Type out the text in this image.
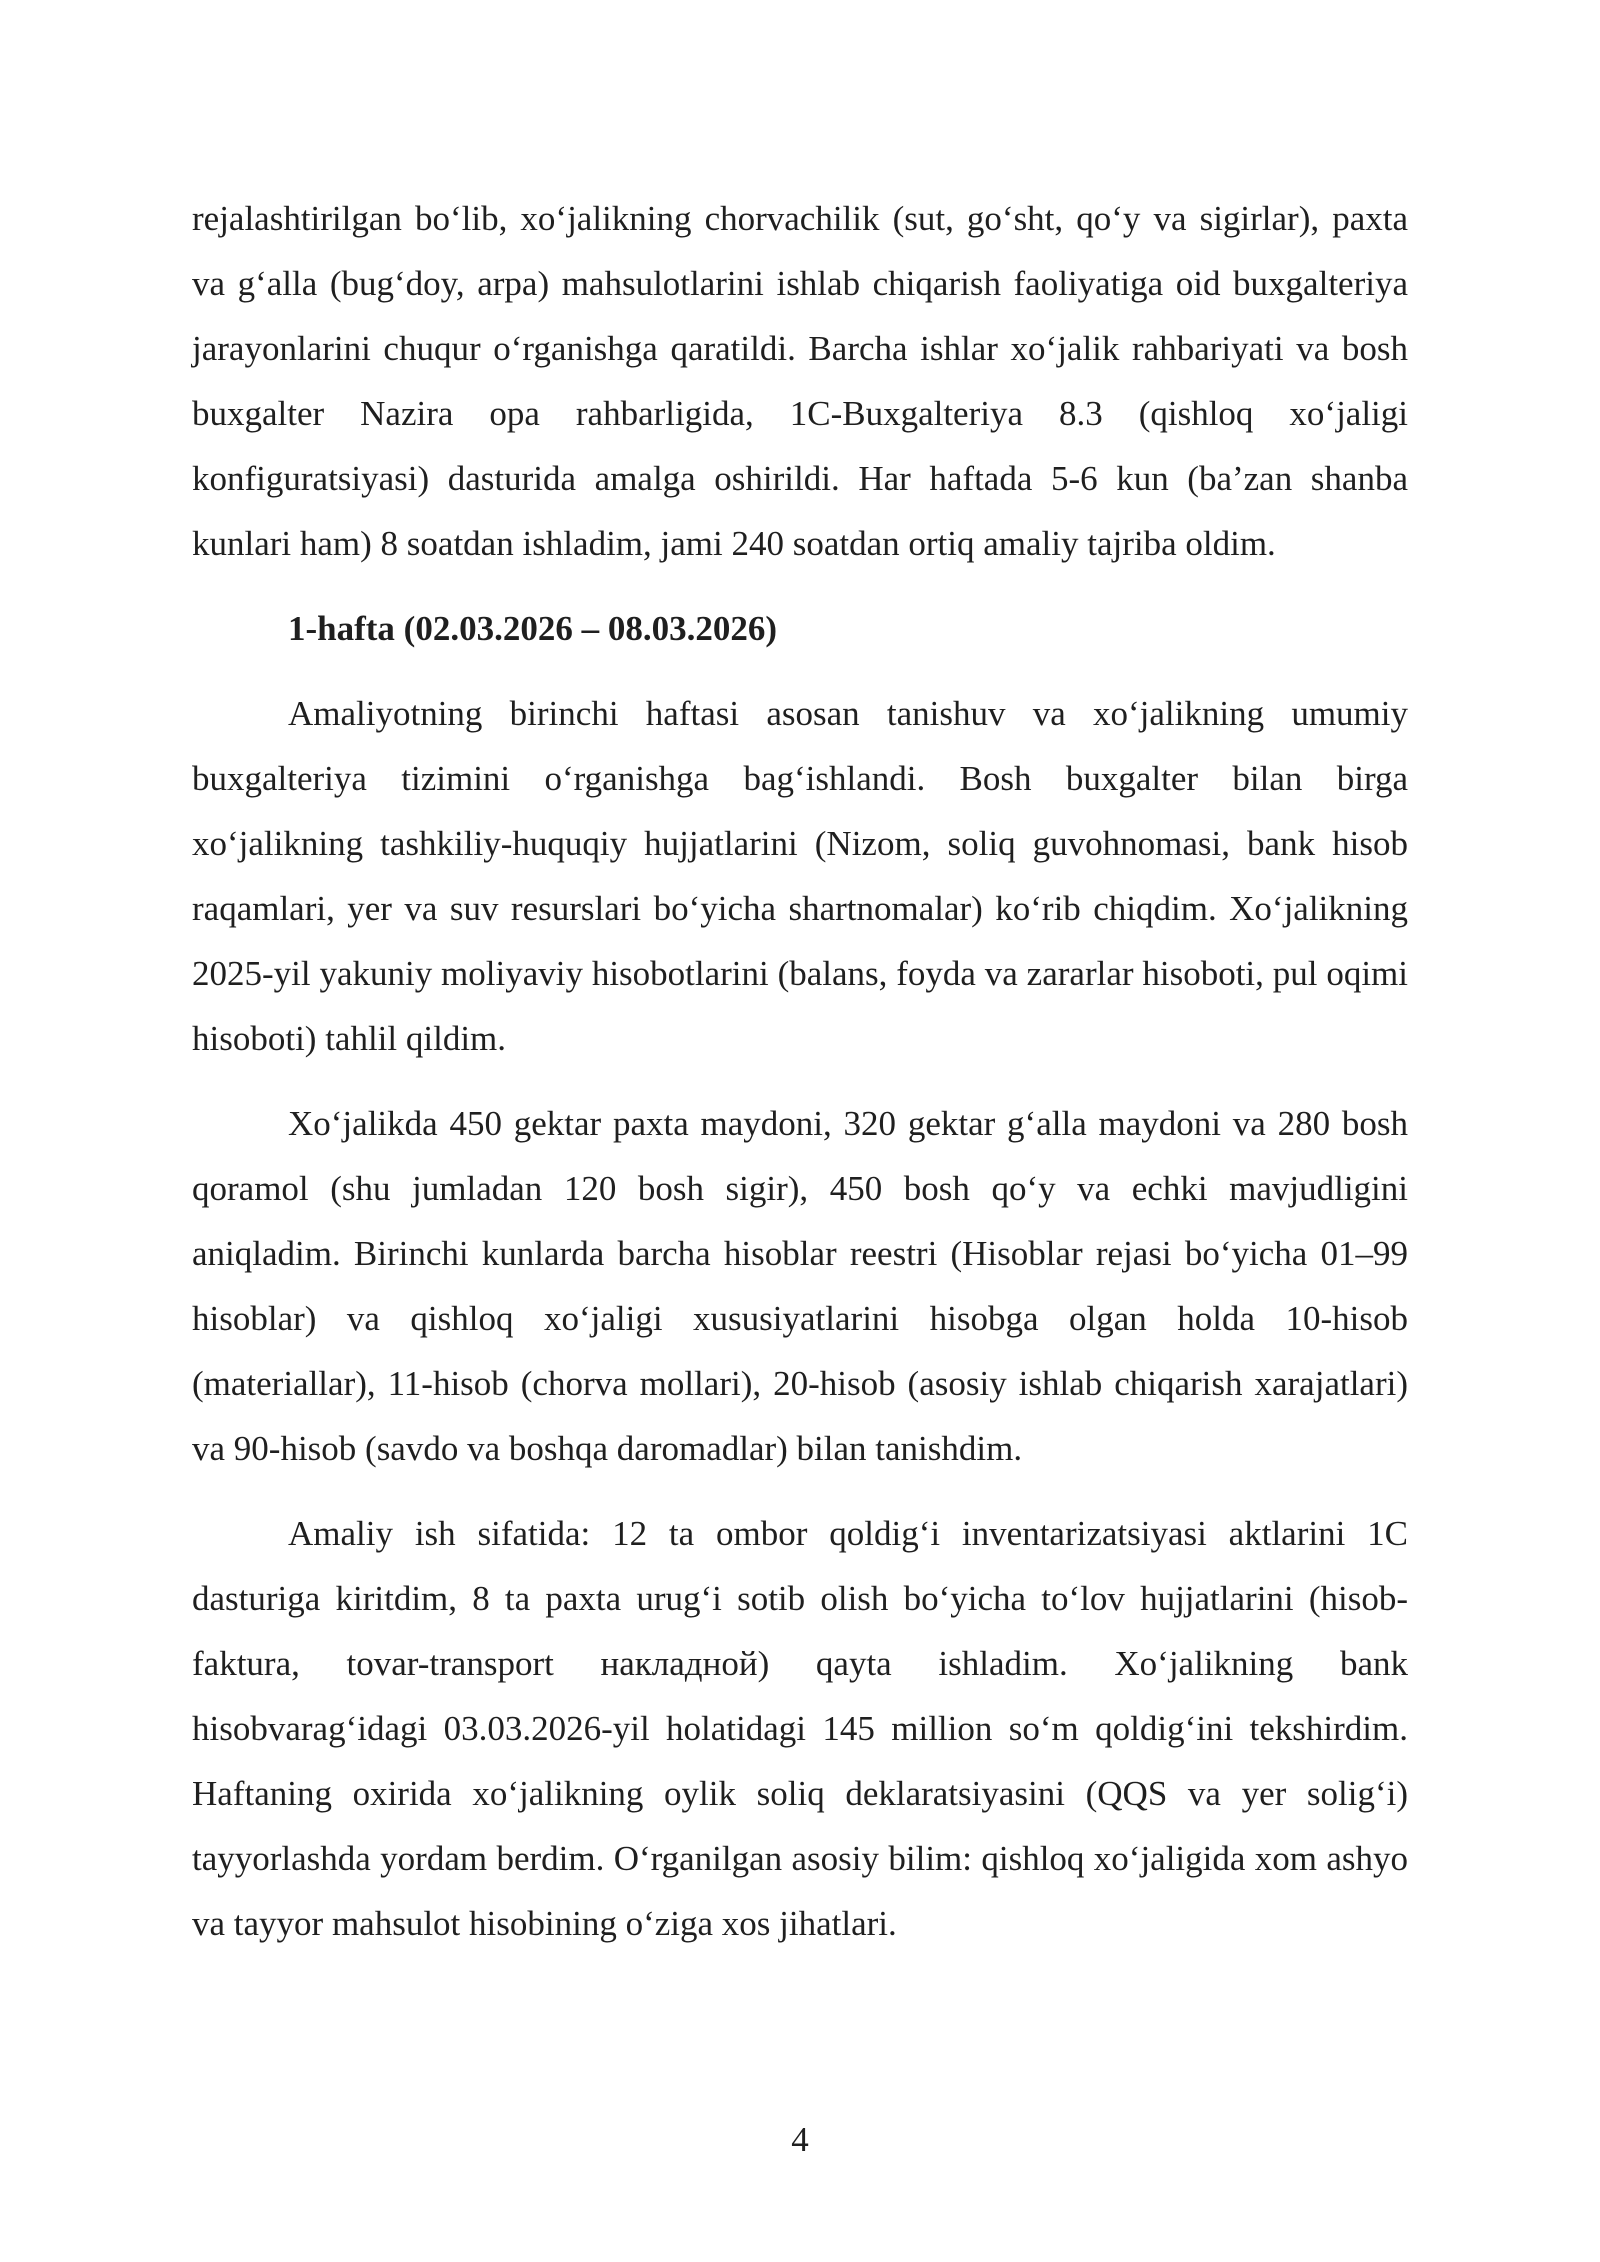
rejalashtirilgan bo‘lib, xo‘jalikning chorvachilik (sut, go‘sht, qo‘y va sigirlar), paxta va g‘alla (bug‘doy, arpa) mahsulotlarini ishlab chiqarish faoliyatiga oid buxgalteriya jarayonlarini chuqur o‘rganishga qaratildi. Barcha ishlar xo‘jalik rahbariyati va bosh buxgalter Nazira opa rahbarligida, 1C-Buxgalteriya 8.3 (qishloq xo‘jaligi konfiguratsiyasi) dasturida amalga oshirildi. Har haftada 5-6 kun (ba’zan shanba kunlari ham) 8 soatdan ishladim, jami 240 soatdan ortiq amaliy tajriba oldim.

1-hafta (02.03.2026 – 08.03.2026)

Amaliyotning birinchi haftasi asosan tanishuv va xo‘jalikning umumiy buxgalteriya tizimini o‘rganishga bag‘ishlandi. Bosh buxgalter bilan birga xo‘jalikning tashkiliy-huquqiy hujjatlarini (Nizom, soliq guvohnomasi, bank hisob raqamlari, yer va suv resurslari bo‘yicha shartnomalar) ko‘rib chiqdim. Xo‘jalikning 2025-yil yakuniy moliyaviy hisobotlarini (balans, foyda va zararlar hisoboti, pul oqimi hisoboti) tahlil qildim.

Xo‘jalikda 450 gektar paxta maydoni, 320 gektar g‘alla maydoni va 280 bosh qoramol (shu jumladan 120 bosh sigir), 450 bosh qo‘y va echki mavjudligini aniqladim. Birinchi kunlarda barcha hisoblar reestri (Hisoblar rejasi bo‘yicha 01–99 hisoblar) va qishloq xo‘jaligi xususiyatlarini hisobga olgan holda 10-hisob (materiallar), 11-hisob (chorva mollari), 20-hisob (asosiy ishlab chiqarish xarajatlari) va 90-hisob (savdo va boshqa daromadlar) bilan tanishdim.

Amaliy ish sifatida: 12 ta ombor qoldig‘i inventarizatsiyasi aktlarini 1C dasturiga kiritdim, 8 ta paxta urug‘i sotib olish bo‘yicha to‘lov hujjatlarini (hisob-faktura, tovar-transport накладной) qayta ishladim. Xo‘jalikning bank hisobvarag‘idagi 03.03.2026-yil holatidagi 145 million so‘m qoldig‘ini tekshirdim. Haftaning oxirida xo‘jalikning oylik soliq deklaratsiyasini (QQS va yer solig‘i) tayyorlashda yordam berdim. O‘rganilgan asosiy bilim: qishloq xo‘jaligida xom ashyo va tayyor mahsulot hisobining o‘ziga xos jihatlari.

4
